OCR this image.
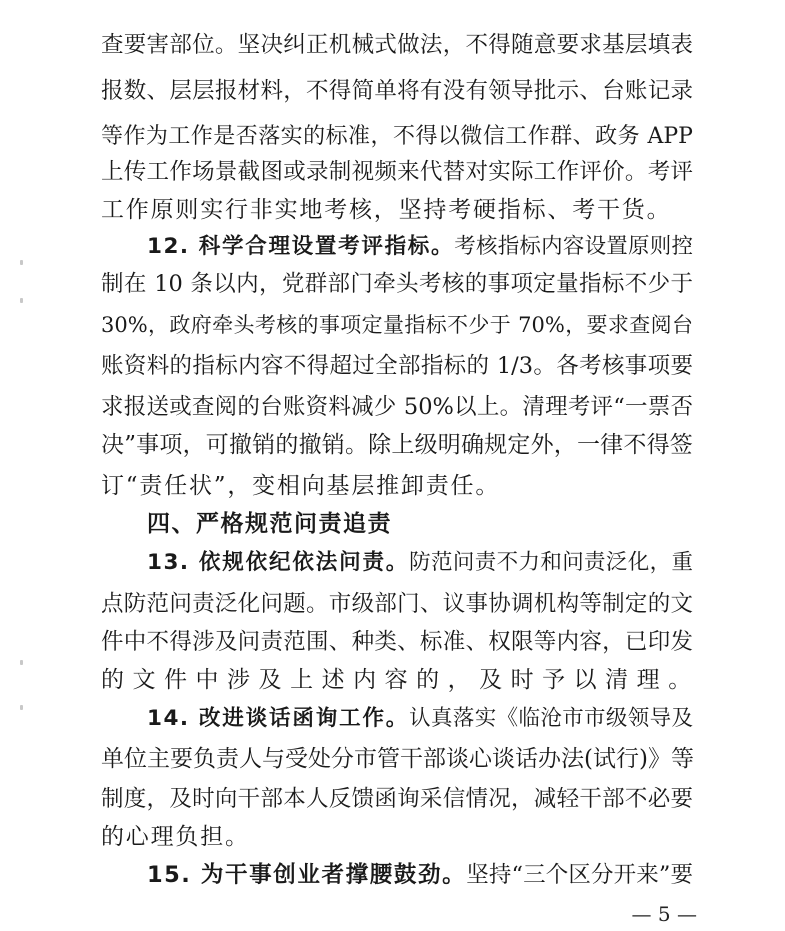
查要害部位。坚决纠正机械式做法，不得随意要求基层填表
报数、层层报材料，不得简单将有没有领导批示、台账记录
等作为工作是否落实的标准，不得以微信工作群、政务 APP
上传工作场景截图或录制视频来代替对实际工作评价。考评
工作原则实行非实地考核，坚持考硬指标、考干货。
12. 科学合理设置考评指标。考核指标内容设置原则控
制在 10 条以内，党群部门牵头考核的事项定量指标不少于
30%，政府牵头考核的事项定量指标不少于 70%，要求查阅台
账资料的指标内容不得超过全部指标的 1/3。各考核事项要
求报送或查阅的台账资料减少 50%以上。清理考评“一票否
决”事项，可撤销的撤销。除上级明确规定外，一律不得签
订“责任状”，变相向基层推卸责任。
四、严格规范问责追责
13. 依规依纪依法问责。防范问责不力和问责泛化，重
点防范问责泛化问题。市级部门、议事协调机构等制定的文
件中不得涉及问责范围、种类、标准、权限等内容，已印发
的文件中涉及上述内容的，及时予以清理。
14. 改进谈话函询工作。认真落实《临沧市市级领导及
单位主要负责人与受处分市管干部谈心谈话办法(试行)》等
制度，及时向干部本人反馈函询采信情况，减轻干部不必要
的心理负担。
15. 为干事创业者撑腰鼓劲。坚持“三个区分开来”要
— 5 —
